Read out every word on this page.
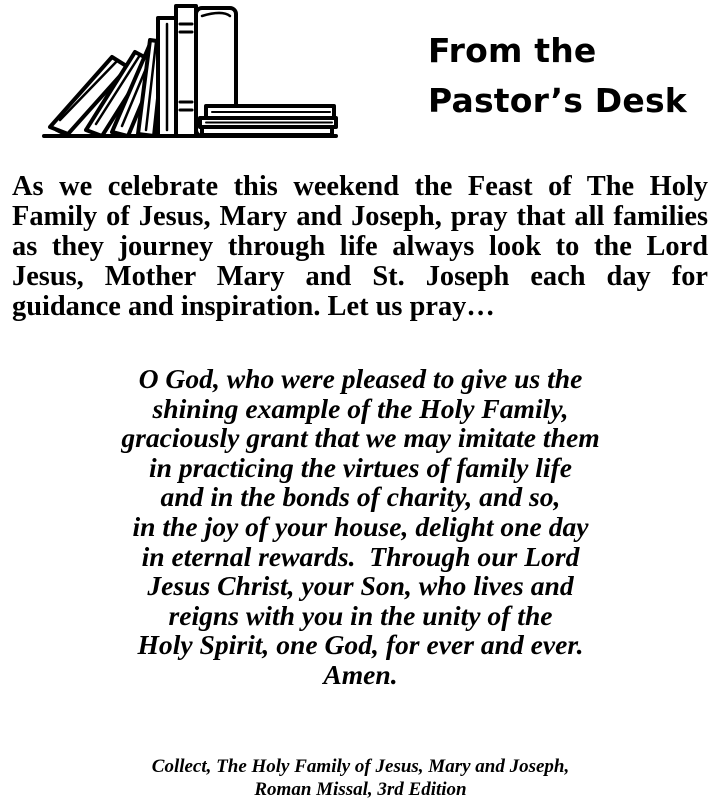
From the
Pastor’s Desk

As we celebrate this weekend the Feast of The Holy Family of Jesus, Mary and Joseph, pray that all families as they journey through life always look to the Lord Jesus, Mother Mary and St. Joseph each day for guidance and inspiration. Let us pray…

O God, who were pleased to give us the
shining example of the Holy Family,
graciously grant that we may imitate them
in practicing the virtues of family life
and in the bonds of charity, and so,
in the joy of your house, delight one day
in eternal rewards.  Through our Lord
Jesus Christ, your Son, who lives and
reigns with you in the unity of the
Holy Spirit, one God, for ever and ever.
Amen.
Collect, The Holy Family of Jesus, Mary and Joseph,
Roman Missal, 3rd Edition
